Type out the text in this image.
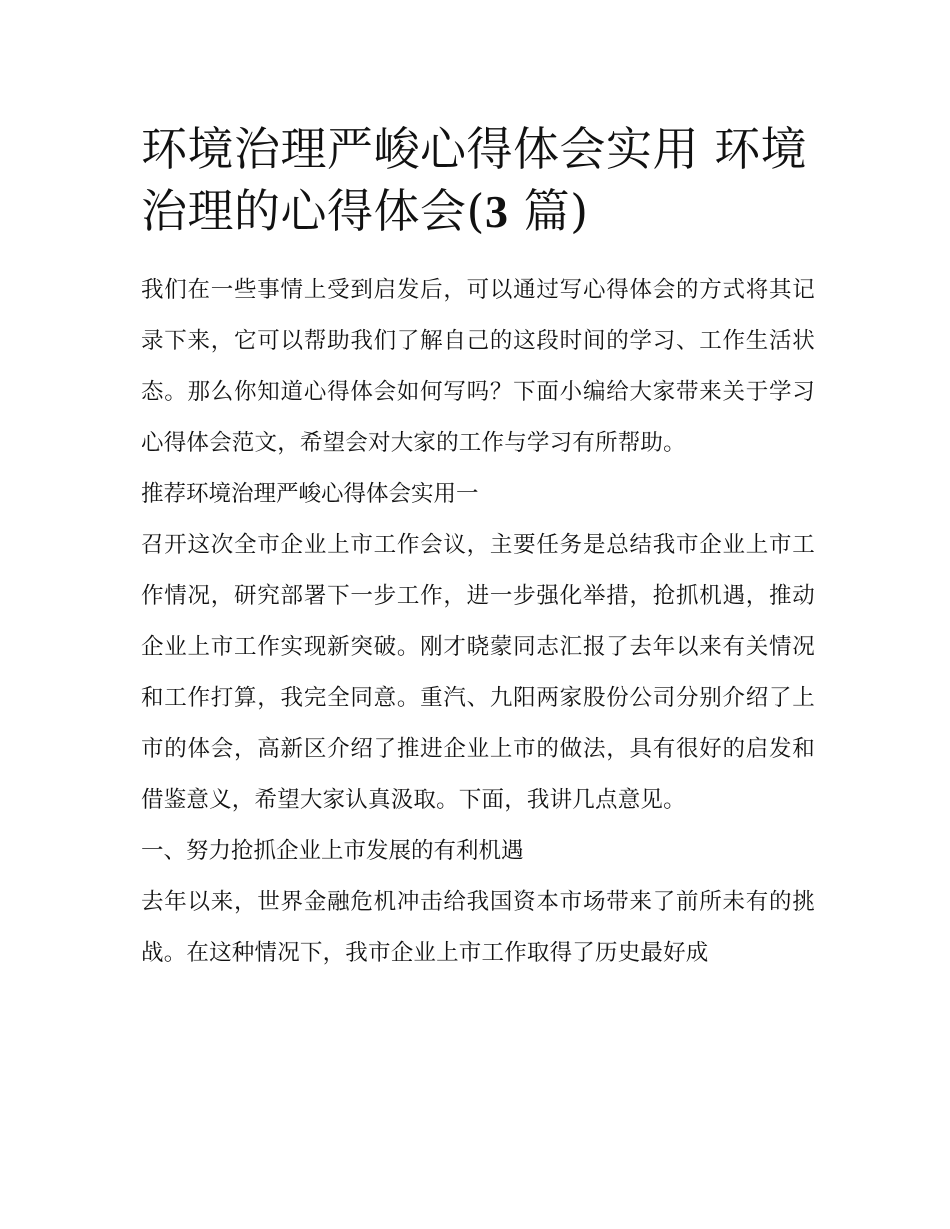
环境治理严峻心得体会实用 环境治理的心得体会(3 篇)

我们在一些事情上受到启发后，可以通过写心得体会的方式将其记录下来，它可以帮助我们了解自己的这段时间的学习、工作生活状态。那么你知道心得体会如何写吗？下面小编给大家带来关于学习心得体会范文，希望会对大家的工作与学习有所帮助。

推荐环境治理严峻心得体会实用一

召开这次全市企业上市工作会议，主要任务是总结我市企业上市工作情况，研究部署下一步工作，进一步强化举措，抢抓机遇，推动企业上市工作实现新突破。刚才晓蒙同志汇报了去年以来有关情况和工作打算，我完全同意。重汽、九阳两家股份公司分别介绍了上市的体会，高新区介绍了推进企业上市的做法，具有很好的启发和借鉴意义，希望大家认真汲取。下面，我讲几点意见。

一、努力抢抓企业上市发展的有利机遇

去年以来，世界金融危机冲击给我国资本市场带来了前所未有的挑战。在这种情况下，我市企业上市工作取得了历史最好成
